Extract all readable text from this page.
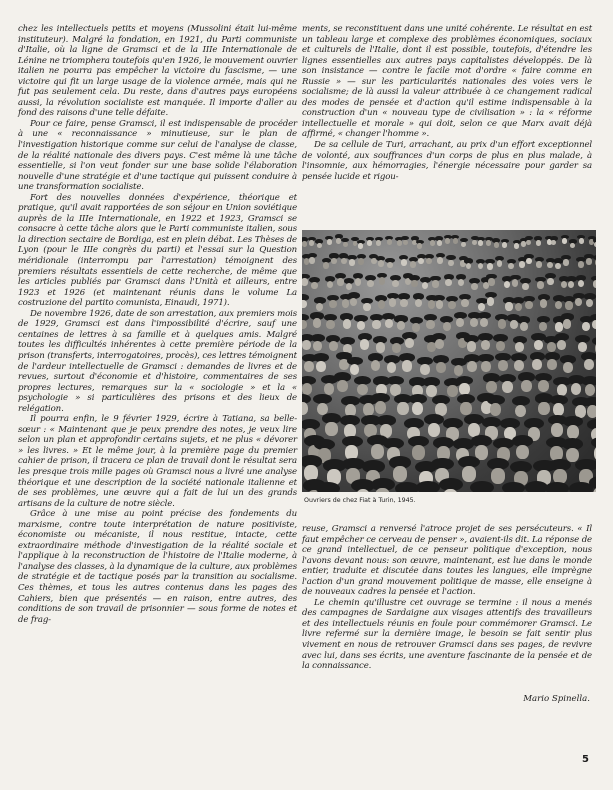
chez les intellectuels petits et moyens (Mussolini était lui-même instituteur). Malgré la fondation, en 1921, du Parti communiste d'Italie, où la ligne de Gramsci et de la IIIe Internationale de Lénine ne triomphera toutefois qu'en 1926, le mouvement ouvrier italien ne pourra pas empêcher la victoire du fascisme, — une victoire qui fit un large usage de la violence armée, mais qui ne fut pas seulement cela. Du reste, dans d'autres pays européens aussi, la révolution socialiste est manquée. Il importe d'aller au fond des raisons d'une telle défaite.

Pour ce faire, pense Gramsci, il est indispensable de procéder à une « reconnaissance » minutieuse, sur le plan de l'investigation historique comme sur celui de l'analyse de classe, de la réalité nationale des divers pays. C'est même là une tâche essentielle, si l'on veut fonder sur une base solide l'élaboration nouvelle d'une stratégie et d'une tactique qui puissent conduire à une transformation socialiste.

Fort des nouvelles données d'expérience, théorique et pratique, qu'il avait rapportées de son séjour en Union soviétique auprès de la IIIe Internationale, en 1922 et 1923, Gramsci se consacre à cette tâche alors que le Parti communiste italien, sous la direction sectaire de Bordiga, est en plein débat. Les Thèses de Lyon (pour le IIIe congrès du parti) et l'essai sur la Question méridionale (interrompu par l'arrestation) témoignent des premiers résultats essentiels de cette recherche, de même que les articles publiés par Gramsci dans l'Unità et ailleurs, entre 1923 et 1926 (et maintenant réunis dans le volume La costruzione del partito comunista, Einaudi, 1971).

De novembre 1926, date de son arrestation, aux premiers mois de 1929, Gramsci est dans l'impossibilité d'écrire, sauf une centaines de lettres à sa famille et à quelques amis. Malgré toutes les difficultés inhérentes à cette première période de la prison (transferts, interrogatoires, procès), ces lettres témoignent de l'ardeur intellectuelle de Gramsci : demandes de livres et de revues, surtout d'économie et d'histoire, commentaires de ses propres lectures, remarques sur la « sociologie » et la « psychologie » si particulières des prisons et des lieux de relégation.

Il pourra enfin, le 9 février 1929, écrire à Tatiana, sa belle-sœur : « Maintenant que je peux prendre des notes, je veux lire selon un plan et approfondir certains sujets, et ne plus « dévorer » les livres. » Et le même jour, à la première page du premier cahier de prison, il tracera ce plan de travail dont le résultat sera les presque trois mille pages où Gramsci nous a livré une analyse théorique et une description de la société nationale italienne et de ses problèmes, une œuvre qui a fait de lui un des grands artisans de la culture de notre siècle.

Grâce à une mise au point précise des fondements du marxisme, contre toute interprétation de nature positiviste, économiste ou mécaniste, il nous restitue, intacte, cette extraordinaire méthode d'investigation de la réalité sociale et l'applique à la reconstruction de l'histoire de l'Italie moderne, à l'analyse des classes, à la dynamique de la culture, aux problèmes de stratégie et de tactique posés par la transition au socialisme. Ces thèmes, et tous les autres contenus dans les pages des Cahiers, bien que présentés — en raison, entre autres, des conditions de son travail de prisonnier — sous forme de notes et de frag-

ments, se reconstituent dans une unité cohérente. Le résultat en est un tableau large et complexe des problèmes économiques, sociaux et culturels de l'Italie, dont il est possible, toutefois, d'étendre les lignes essentielles aux autres pays capitalistes développés. De là son insistance — contre le facile mot d'ordre « faire comme en Russie » — sur les particularités nationales des voies vers le socialisme; de là aussi la valeur attribuée à ce changement radical des modes de pensée et d'action qu'il estime indispensable à la construction d'un « nouveau type de civilisation » : la « réforme intellectuelle et morale » qui doit, selon ce que Marx avait déjà affirmé, « changer l'homme ».

De sa cellule de Turi, arrachant, au prix d'un effort exceptionnel de volonté, aux souffrances d'un corps de plus en plus malade, à l'insomnie, aux hémorragies, l'énergie nécessaire pour garder sa pensée lucide et rigou-

Ouvriers de chez Fiat à Turin, 1945.

reuse, Gramsci a renversé l'atroce projet de ses persécuteurs. « Il faut empêcher ce cerveau de penser », avaient-ils dit. La réponse de ce grand intellectuel, de ce penseur politique d'exception, nous l'avons devant nous: son œuvre, maintenant, est lue dans le monde entier, traduite et discutée dans toutes les langues, elle imprègne l'action d'un grand mouvement politique de masse, elle enseigne à de nouveaux cadres la pensée et l'action.

Le chemin qu'illustre cet ouvrage se termine : il nous a menés des campagnes de Sardaigne aux visages attentifs des travailleurs et des intellectuels réunis en foule pour commémorer Gramsci. Le livre refermé sur la dernière image, le besoin se fait sentir plus vivement en nous de retrouver Gramsci dans ses pages, de revivre avec lui, dans ses écrits, une aventure fascinante de la pensée et de la connaissance.

Mario Spinella.
5
